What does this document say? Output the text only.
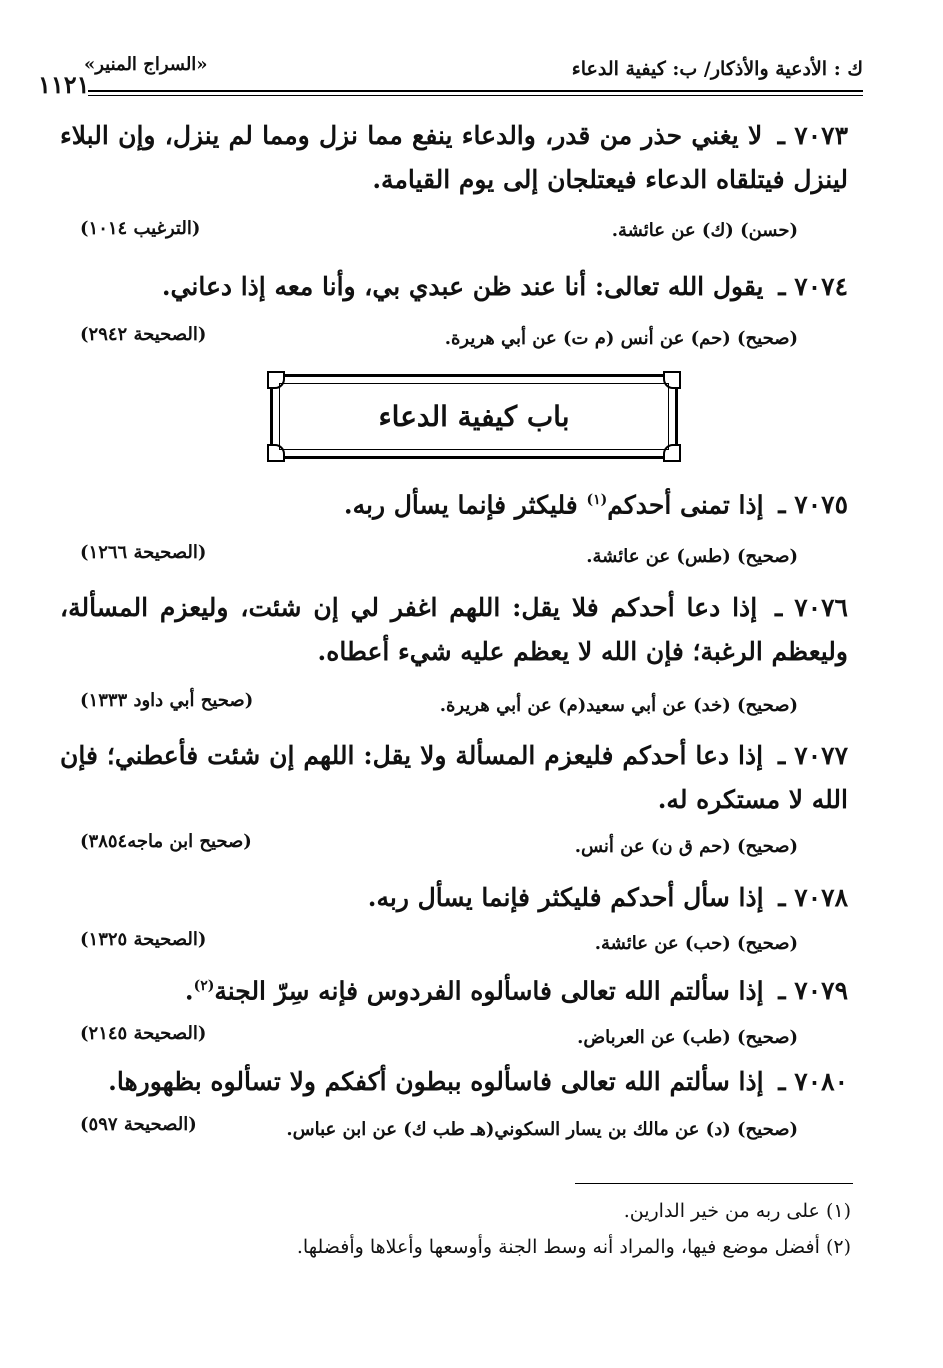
ك : الأدعية والأذكار/ ب: كيفية الدعاء
«السراج المنير»
١١٢١
٧٠٧٣ ـ لا يغني حذر من قدر، والدعاء ينفع مما نزل ومما لم ينزل، وإن البلاء لينزل فيتلقاه الدعاء فيعتلجان إلى يوم القيامة.
(حسن) (ك) عن عائشة.
(الترغيب ١٠١٤)
٧٠٧٤ ـ يقول الله تعالى: أنا عند ظن عبدي بي، وأنا معه إذا دعاني.
(صحيح) (حم) عن أنس (م ت) عن أبي هريرة.
(الصحيحة ٢٩٤٢)
باب كيفية الدعاء
٧٠٧٥ ـ إذا تمنى أحدكم$^{(١)}$ فليكثر فإنما يسأل ربه.
(صحيح) (طس) عن عائشة.
(الصحيحة ١٢٦٦)
٧٠٧٦ ـ إذا دعا أحدكم فلا يقل: اللهم اغفر لي إن شئت، وليعزم المسألة، وليعظم الرغبة؛ فإن الله لا يعظم عليه شيء أعطاه.
(صحيح) (خد) عن أبي سعيد(م) عن أبي هريرة.
(صحيح أبي داود ١٣٣٣)
٧٠٧٧ ـ إذا دعا أحدكم فليعزم المسألة ولا يقل: اللهم إن شئت فأعطني؛ فإن الله لا مستكره له.
(صحيح) (حم ق ن) عن أنس.
(صحيح ابن ماجه٣٨٥٤)
٧٠٧٨ ـ إذا سأل أحدكم فليكثر فإنما يسأل ربه.
(صحيح) (حب) عن عائشة.
(الصحيحة ١٣٢٥)
٧٠٧٩ ـ إذا سألتم الله تعالى فاسألوه الفردوس فإنه سِرّ الجنة$^{(٢)}$.
(صحيح) (طب) عن العرباض.
(الصحيحة ٢١٤٥)
٧٠٨٠ ـ إذا سألتم الله تعالى فاسألوه ببطون أكفكم ولا تسألوه بظهورها.
(صحيح) (د) عن مالك بن يسار السكوني(هـ طب ك) عن ابن عباس.
(الصحيحة ٥٩٧)
(١) على ربه من خير الدارين.
(٢) أفضل موضع فيها، والمراد أنه وسط الجنة وأوسعها وأعلاها وأفضلها.
